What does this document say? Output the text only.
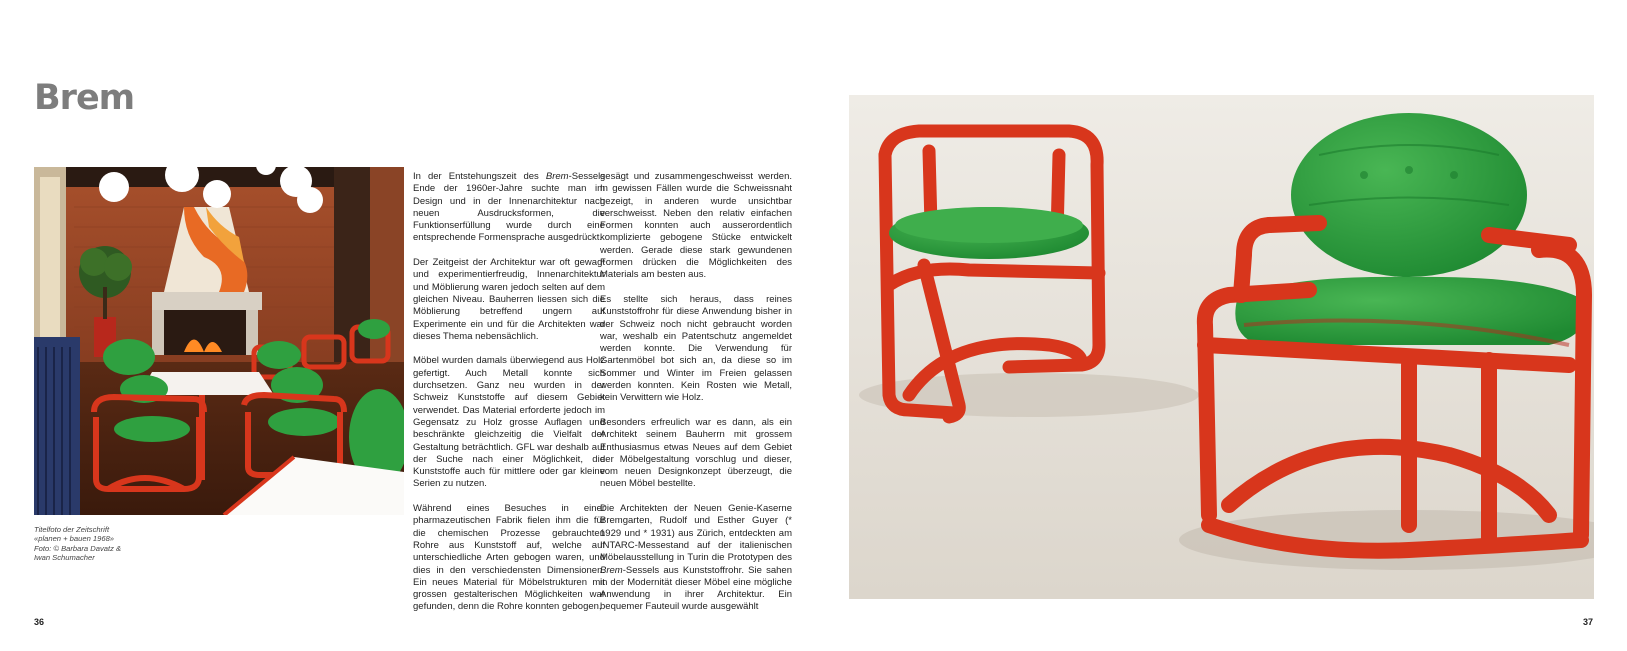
Brem
Titelfoto der Zeitschrift
«planen + bauen 1968»
Foto: © Barbara Davatz &
Iwan Schumacher

In der Entstehungszeit des Brem-Sessels Ende der 1960er-Jahre suchte man im Design und in der Innenarchitektur nach neuen Ausdrucksformen, die Funktionserfüllung wurde durch eine entsprechende Formensprache ausgedrückt.

Der Zeitgeist der Architektur war oft gewagt und experimentierfreudig, Innenarchitektur und Möblierung waren jedoch selten auf dem gleichen Niveau. Bauherren liessen sich die Möblierung betreffend ungern auf Experimente ein und für die Architekten war dieses Thema nebensächlich.

Möbel wurden damals überwiegend aus Holz gefertigt. Auch Metall konnte sich durchsetzen. Ganz neu wurden in der Schweiz Kunststoffe auf diesem Gebiet verwendet. Das Material erforderte jedoch im Gegensatz zu Holz grosse Auflagen und beschränkte gleichzeitig die Vielfalt der Gestaltung beträchtlich. GFL war deshalb auf der Suche nach einer Möglichkeit, die Kunststoffe auch für mittlere oder gar kleine Serien zu nutzen.

Während eines Besuches in einer pharmazeutischen Fabrik fielen ihm die für die chemischen Prozesse gebrauchten Rohre aus Kunststoff auf, welche auf unterschiedliche Arten gebogen waren, und dies in den verschiedensten Dimensionen. Ein neues Material für Möbelstrukturen mit grossen gestalterischen Möglichkeiten war gefunden, denn die Rohre konnten gebogen,

gesägt und zusammengeschweisst werden. In gewissen Fällen wurde die Schweissnaht gezeigt, in anderen wurde unsichtbar verschweisst. Neben den relativ einfachen Formen konnten auch ausserordentlich komplizierte gebogene Stücke entwickelt werden. Gerade diese stark gewundenen Formen drücken die Möglichkeiten des Materials am besten aus.

Es stellte sich heraus, dass reines Kunststoffrohr für diese Anwendung bisher in der Schweiz noch nicht gebraucht worden war, weshalb ein Patentschutz angemeldet werden konnte. Die Verwendung für Gartenmöbel bot sich an, da diese so im Sommer und Winter im Freien gelassen werden konnten. Kein Rosten wie Metall, kein Verwittern wie Holz.

Besonders erfreulich war es dann, als ein Architekt seinem Bauherrn mit grossem Enthusiasmus etwas Neues auf dem Gebiet der Möbelgestaltung vorschlug und dieser, vom neuen Designkonzept überzeugt, die neuen Möbel bestellte.

Die Architekten der Neuen Genie-Kaserne Bremgarten, Rudolf und Esther Guyer (* 1929 und * 1931) aus Zürich, entdeckten am INTARC-Messestand auf der italienischen Möbelausstellung in Turin die Prototypen des Brem-Sessels aus Kunststoffrohr. Sie sahen in der Modernität dieser Möbel eine mögliche Anwendung in ihrer Architektur. Ein bequemer Fauteuil wurde ausgewählt

36	37
